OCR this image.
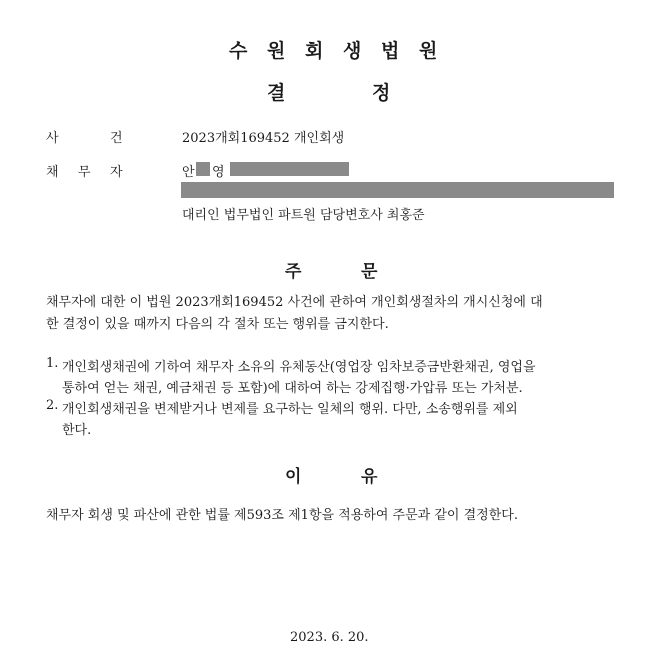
수 원 회 생 법 원
결	정
사	건	2023개회169452 개인회생
채 무 자	안 영
대리인 법무법인 파트원 담당변호사 최홍준
주	문
채무자에 대한 이 법원 2023개회169452 사건에 관하여 개인회생절차의 개시신청에 대
한 결정이 있을 때까지 다음의 각 절차 또는 행위를 금지한다.
1. 개인회생채권에 기하여 채무자 소유의 유체동산(영업장 임차보증금반환채권, 영업을
통하여 얻는 채권, 예금채권 등 포함)에 대하여 하는 강제집행·가압류 또는 가처분.
2. 개인회생채권을 변제받거나 변제를 요구하는 일체의 행위. 다만, 소송행위를 제외
한다.
이	유
채무자 회생 및 파산에 관한 법률 제593조 제1항을 적용하여 주문과 같이 결정한다.
2023. 6. 20.
